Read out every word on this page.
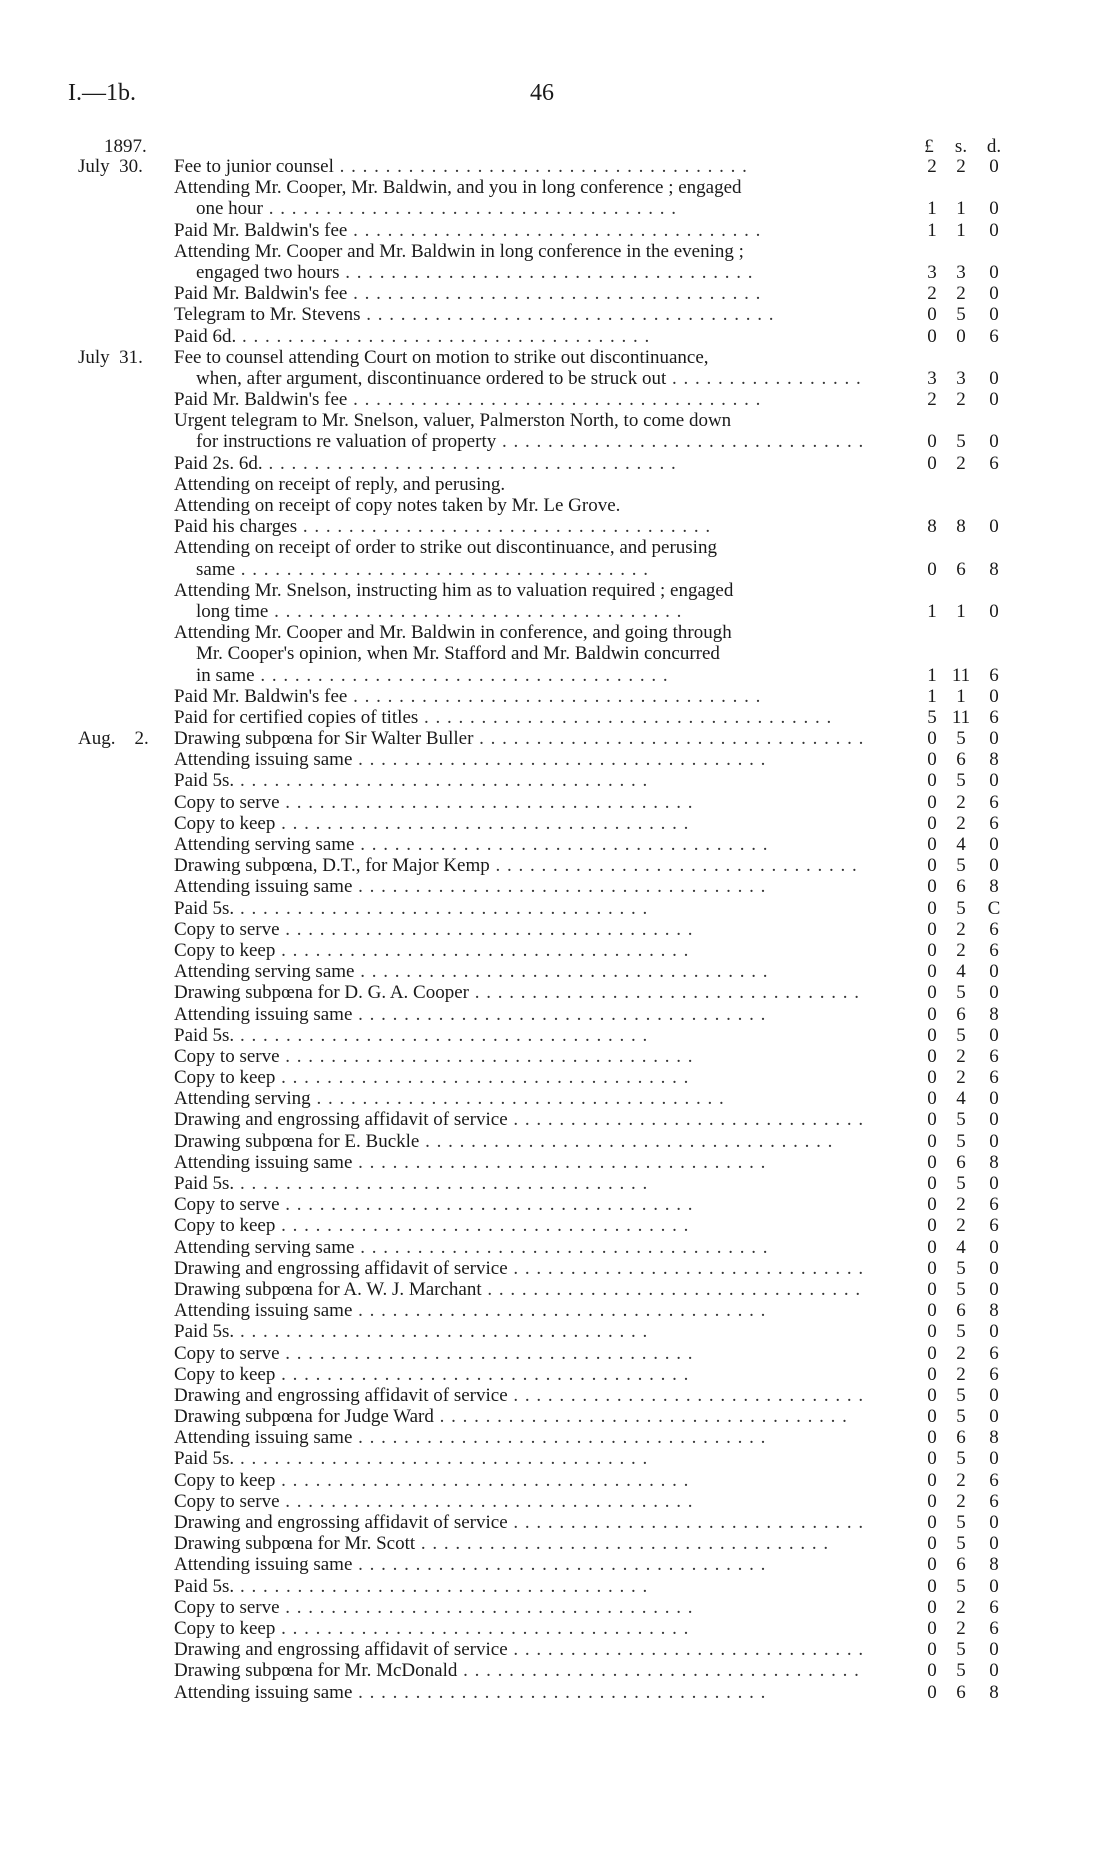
I.—1b.	46
1897.	£	s. d.
July  30.	Fee to junior counsel . . .	2	2	0
Attending Mr. Cooper, Mr. Baldwin, and you in long conference ; engaged
one hour . . .	1	1	0
Paid Mr. Baldwin's fee . . .	1	1	0
Attending Mr. Cooper and Mr. Baldwin in long conference in the evening ;
engaged two hours . . .	3	3	0
Paid Mr. Baldwin's fee . . .	2	2	0
Telegram to Mr. Stevens . . .	0	5	0
Paid 6d. . . .	0	0	6
July  31.	Fee to counsel attending Court on motion to strike out discontinuance,
when, after argument, discontinuance ordered to be struck out . . .	3	3	0
Paid Mr. Baldwin's fee . . .	2	2	0
Urgent telegram to Mr. Snelson, valuer, Palmerston North, to come down
for instructions re valuation of property . . .	0	5	0
Paid 2s. 6d. . . .	0	2	6
Attending on receipt of reply, and perusing.
Attending on receipt of copy notes taken by Mr. Le Grove.
Paid his charges . . .	8	8	0
Attending on receipt of order to strike out discontinuance, and perusing
same . . .	0	6	8
Attending Mr. Snelson, instructing him as to valuation required ; engaged
long time . . .	1	1	0
Attending Mr. Cooper and Mr. Baldwin in conference, and going through
Mr. Cooper's opinion, when Mr. Stafford and Mr. Baldwin concurred
in same . . .	1 11	6
Paid Mr. Baldwin's fee . . .	1	1	0
Paid for certified copies of titles . . .	5 11	6
Aug.    2.	Drawing subpœna for Sir Walter Buller . . .	0	5	0
Attending issuing same . . .	0	6	8
Paid 5s. . . .	0	5	0
Copy to serve . . .	0	2	6
Copy to keep . . .	0	2	6
Attending serving same . . .	0	4	0
Drawing subpœna, D.T., for Major Kemp . . .	0	5	0
Attending issuing same . . .	0	6	8
Paid 5s. . . .	0	5	C
Copy to serve . . .	0	2	6
Copy to keep . . .	0	2	6
Attending serving same . . .	0	4	0
Drawing subpœna for D. G. A. Cooper . . .	0	5	0
Attending issuing same . . .	0	6	8
Paid 5s. . . .	0	5	0
Copy to serve . . .	0	2	6
Copy to keep . . .	0	2	6
Attending serving . . .	0	4	0
Drawing and engrossing affidavit of service . . .	0	5	0
Drawing subpœna for E. Buckle . . .	0	5	0
Attending issuing same . . .	0	6	8
Paid 5s. . . .	0	5	0
Copy to serve . . .	0	2	6
Copy to keep . . .	0	2	6
Attending serving same . . .	0	4	0
Drawing and engrossing affidavit of service . . .	0	5	0
Drawing subpœna for A. W. J. Marchant . . .	0	5	0
Attending issuing same . . .	0	6	8
Paid 5s. . . .	0	5	0
Copy to serve . . .	0	2	6
Copy to keep . . .	0	2	6
Drawing and engrossing affidavit of service . . .	0	5	0
Drawing subpœna for Judge Ward . . .	0	5	0
Attending issuing same . . .	0	6	8
Paid 5s. . . .	0	5	0
Copy to keep . . .	0	2	6
Copy to serve . . .	0	2	6
Drawing and engrossing affidavit of service . . .	0	5	0
Drawing subpœna for Mr. Scott . . .	0	5	0
Attending issuing same . . .	0	6	8
Paid 5s. . . .	0	5	0
Copy to serve . . .	0	2	6
Copy to keep . . .	0	2	6
Drawing and engrossing affidavit of service . . .	0	5	0
Drawing subpœna for Mr. McDonald . . .	0	5	0
Attending issuing same . . .	0	6	8
